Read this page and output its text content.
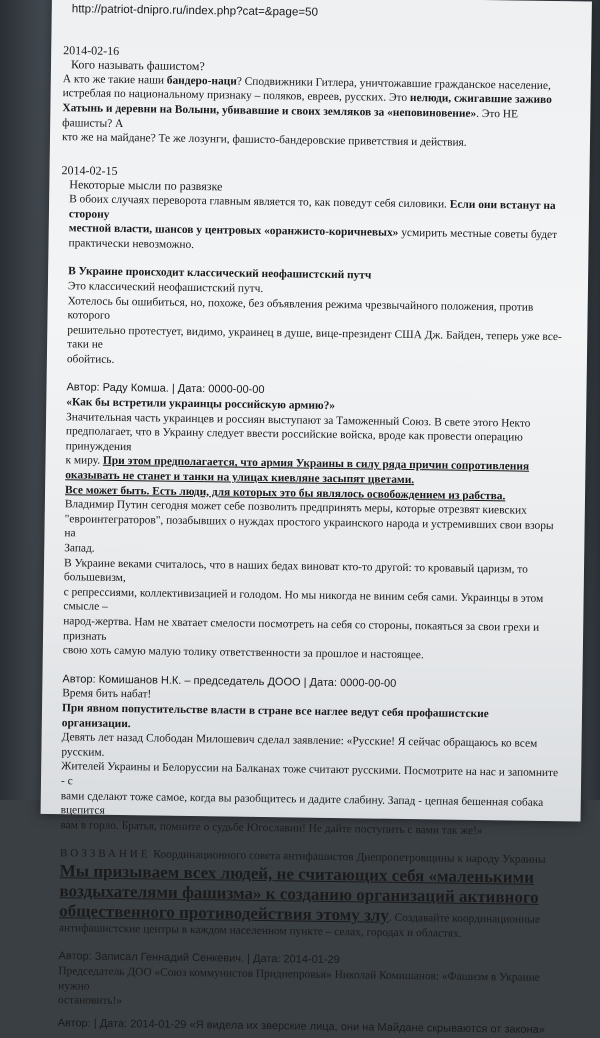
http://patriot-dnipro.ru/index.php?cat=&page=50
2014-02-16
Кого называть фашистом?

А кто же такие наши бандеро-наци? Сподвижники Гитлера, уничтожавшие гражданское население,
истреблая по национальному признаку – поляков, евреев, русских. Это нелюди, сжигавшие заживо
Хатынь и деревни на Волыни, убивавшие и своих земляков за «неповиновение». Это НЕ фашисты? А
кто же на майдане? Те же лозунги, фашисто-бандеровские приветствия и действия.

2014-02-15
Некоторые мысли по развязке

В обоих случаях переворота главным является то, как поведут себя силовики. Если они встанут на сторону
местной власти, шансов у центровых «оранжисто-коричневых» усмирить местные советы будет
практически невозможно.

В Украине происходит классический неофашистский путч

Это классический неофашистский путч.

Хотелось бы ошибиться, но, похоже, без объявления режима чрезвычайного положения, против которого
решительно протестует, видимо, украинец в душе, вице-президент США Дж. Байден, теперь уже все-таки не
обойтись.

Автор: Раду Комша. | Дата: 0000-00-00
«Как бы встретили украинцы российскую армию?»

Значительная часть украинцев и россиян выступают за Таможенный Союз. В свете этого Некто
предполагает, что в Украину следует ввести российские войска, вроде как провести операцию принуждения
к миру. При этом предполагается, что армия Украины в силу ряда причин сопротивления
оказывать не станет и танки на улицах киевляне засыпят цветами.
Все может быть. Есть люди, для которых это бы являлось освобождением из рабства.
Владимир Путин сегодня может себе позволить предпринять меры, которые отрезвят киевских
"евроинтеграторов", позабывших о нуждах простого украинского народа и устремивших свои взоры на
Запад.
В Украине веками считалось, что в наших бедах виноват кто-то другой: то кровавый царизм, то большевизм,
с репрессиями, коллективизацией и голодом. Но мы никогда не виним себя сами. Украинцы в этом смысле –
народ-жертва. Нам не хватает смелости посмотреть на себя со стороны, покаяться за свои грехи и признать
свою хоть самую малую толику ответственности за прошлое и настоящее.

Автор: Комишанов Н.К. – председатель ДООО | Дата: 0000-00-00

Время бить набат!
При явном попустительстве власти в стране все наглее ведут себя профашистские организации.
Девять лет назад Слободан Милошевич сделал заявление: «Русские! Я сейчас обращаюсь ко всем русским.
Жителей Украины и Белоруссии на Балканах тоже считают русскими. Посмотрите на нас и запомните - с
вами сделают тоже самое, когда вы разобщитесь и дадите слабину. Запад - цепная бешенная собака вцепится
вам в горло. Братья, помните о судьбе Югославии! Не дайте поступить с вами так же!»

ВОЗЗВАНИЕ Координационного совета антифашистов Днепропетровщины к народу Украины
Мы призываем всех людей, не считающих себя «маленькими
воздыхателями фашизма» к созданию организаций активного
общественного противодействия этому злу. Создавайте координационные
антифашистские центры в каждом населенном пункте – селах, городах и областях.
Автор: Записал Геннадий Сенкевич. | Дата: 2014-01-29
Председатель ДОО «Союз коммунистов Приднепровья» Николай Комишанов: «Фашизм в Украине нужно
остановить!»
Автор: | Дата: 2014-01-29 «Я видела их зверские лица, они на Майдане скрываются от закона»
